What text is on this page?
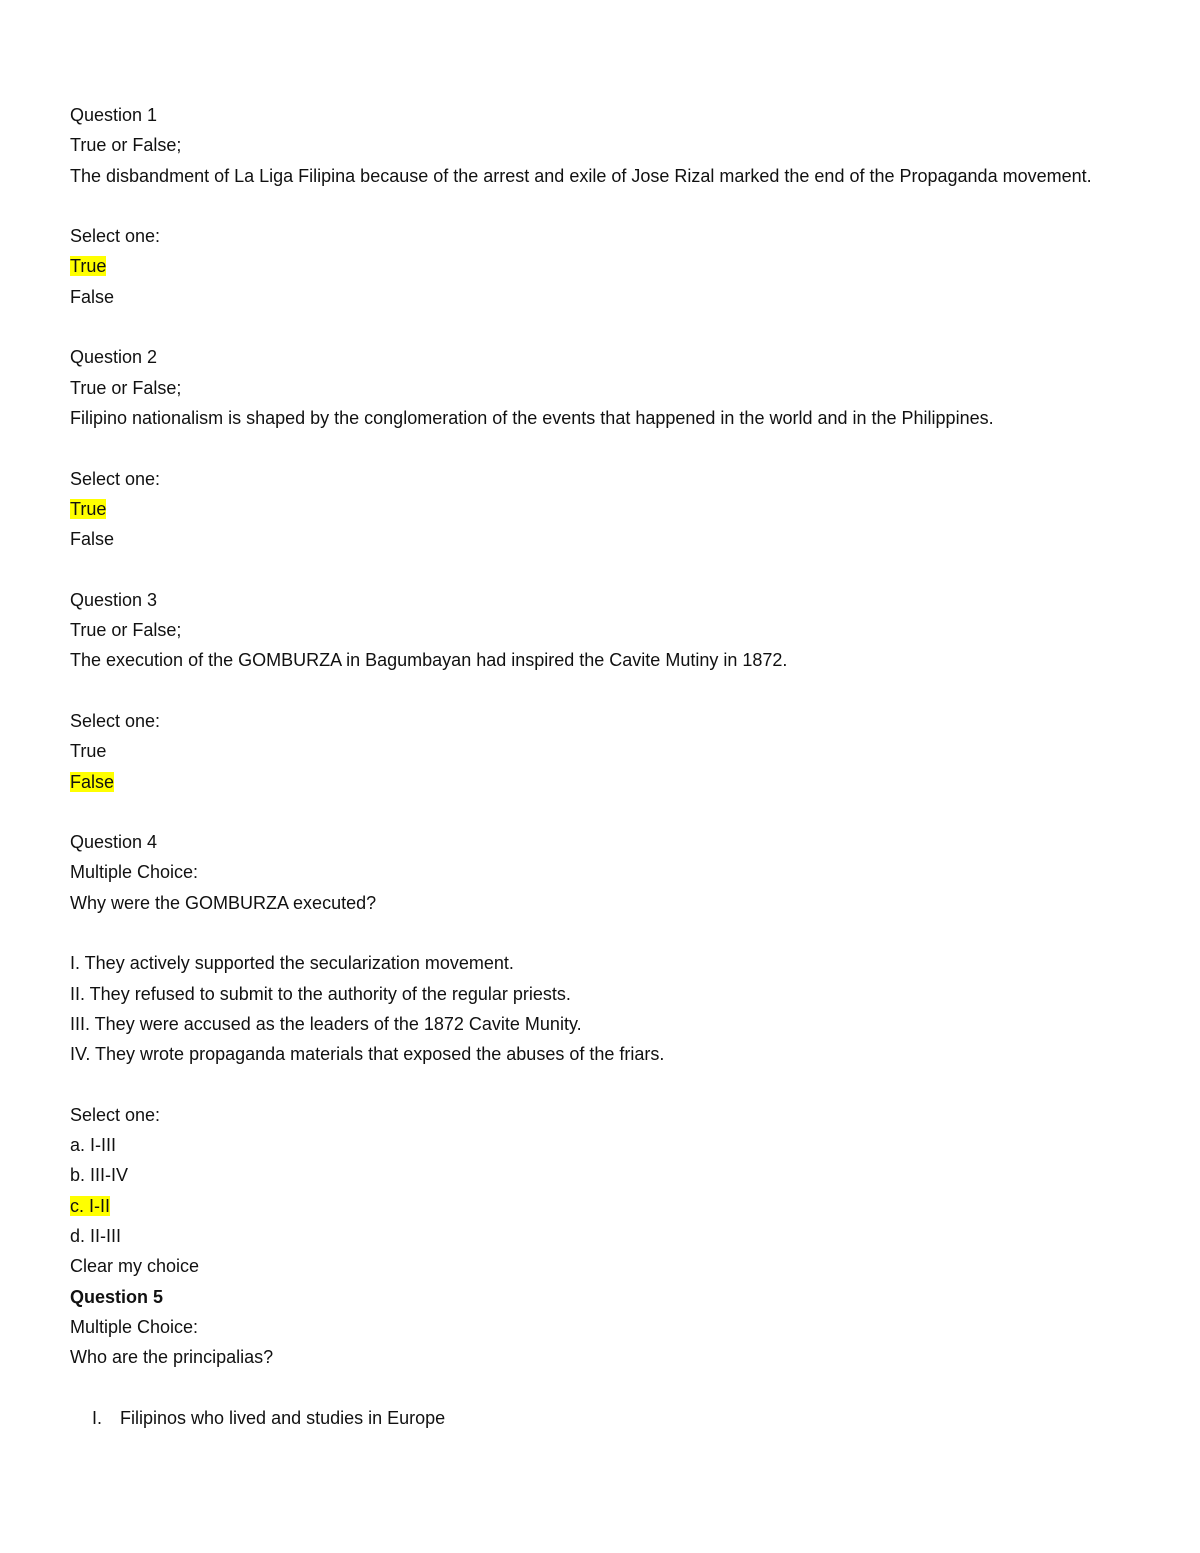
Question 1
True or False;
The disbandment of La Liga Filipina because of the arrest and exile of Jose Rizal marked the end of the Propaganda movement.
Select one:
True
False
Question 2
True or False;
Filipino nationalism is shaped by the conglomeration of the events that happened in the world and in the Philippines.
Select one:
True
False
Question 3
True or False;
The execution of the GOMBURZA in Bagumbayan had inspired the Cavite Mutiny in 1872.
Select one:
True
False
Question 4
Multiple Choice:
Why were the GOMBURZA executed?
I. They actively supported the secularization movement.
II. They refused to submit to the authority of the regular priests.
III. They were accused as the leaders of the 1872 Cavite Munity.
IV. They wrote propaganda materials that exposed the abuses of the friars.
Select one:
a. I-III
b. III-IV
c. I-II
d. II-III
Clear my choice
Question 5
Multiple Choice:
Who are the principalias?
I. Filipinos who lived and studies in Europe
